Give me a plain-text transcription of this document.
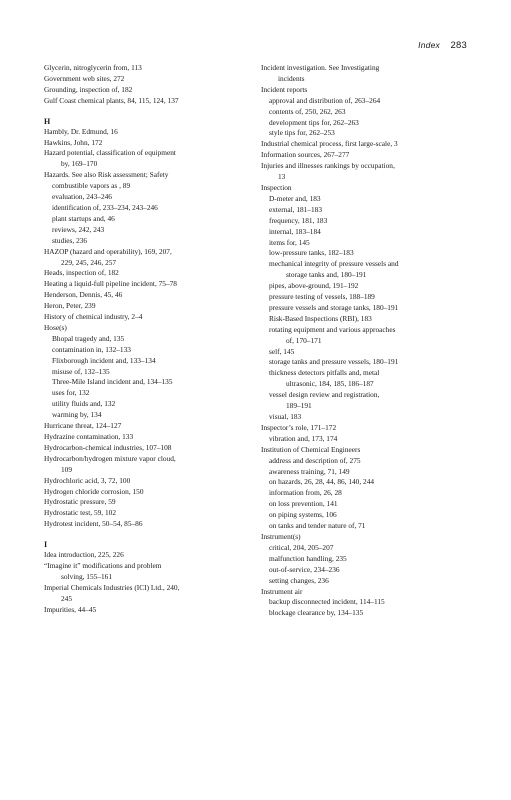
Index 283
Glycerin, nitroglycerin from, 113
Government web sites, 272
Grounding, inspection of, 182
Gulf Coast chemical plants, 84, 115, 124, 137
H
Hambly, Dr. Edmund, 16
Hawkins, John, 172
Hazard potential, classification of equipment
by, 169–170
Hazards. See also Risk assessment; Safety
combustible vapors as , 89
evaluation, 243–246
identification of, 233–234, 243–246
plant startups and, 46
reviews, 242, 243
studies, 236
HAZOP (hazard and operability), 169, 207,
229, 245, 246, 257
Heads, inspection of, 182
Heating a liquid-full pipeline incident, 75–78
Henderson, Dennis, 45, 46
Heron, Peter, 239
History of chemical industry, 2–4
Hose(s)
Bhopal tragedy and, 135
contamination in, 132–133
Flixborough incident and, 133–134
misuse of, 132–135
Three-Mile Island incident and, 134–135
uses for, 132
utility fluids and, 132
warming by, 134
Hurricane threat, 124–127
Hydrazine contamination, 133
Hydrocarbon-chemical industries, 107–108
Hydrocarbon/hydrogen mixture vapor cloud,
109
Hydrochloric acid, 3, 72, 100
Hydrogen chloride corrosion, 150
Hydrostatic pressure, 59
Hydrostatic test, 59, 102
Hydrotest incident, 50–54, 85–86
I
Idea introduction, 225, 226
“Imagine it” modifications and problem
solving, 155–161
Imperial Chemicals Industries (ICI) Ltd., 240,
245
Impurities, 44–45
Incident investigation. See Investigating
incidents
Incident reports
approval and distribution of, 263–264
contents of, 250, 262, 263
development tips for, 262–263
style tips for, 262–253
Industrial chemical process, first large-scale, 3
Information sources, 267–277
Injuries and illnesses rankings by occupation,
13
Inspection
D-meter and, 183
external, 181–183
frequency, 181, 183
internal, 183–184
items for, 145
low-pressure tanks, 182–183
mechanical integrity of pressure vessels and
storage tanks and, 180–191
pipes, above-ground, 191–192
pressure testing of vessels, 188–189
pressure vessels and storage tanks, 180–191
Risk-Based Inspections (RBI), 183
rotating equipment and various approaches
of, 170–171
self, 145
storage tanks and pressure vessels, 180–191
thickness detectors pitfalls and, metal
ultrasonic, 184, 185, 186–187
vessel design review and registration,
189–191
visual, 183
Inspector’s role, 171–172
vibration and, 173, 174
Institution of Chemical Engineers
address and description of, 275
awareness training, 71, 149
on hazards, 26, 28, 44, 86, 140, 244
information from, 26, 28
on loss prevention, 141
on piping systems, 106
on tanks and tender nature of, 71
Instrument(s)
critical, 204, 205–207
malfunction handling, 235
out-of-service, 234–236
setting changes, 236
Instrument air
backup disconnected incident, 114–115
blockage clearance by, 134–135
